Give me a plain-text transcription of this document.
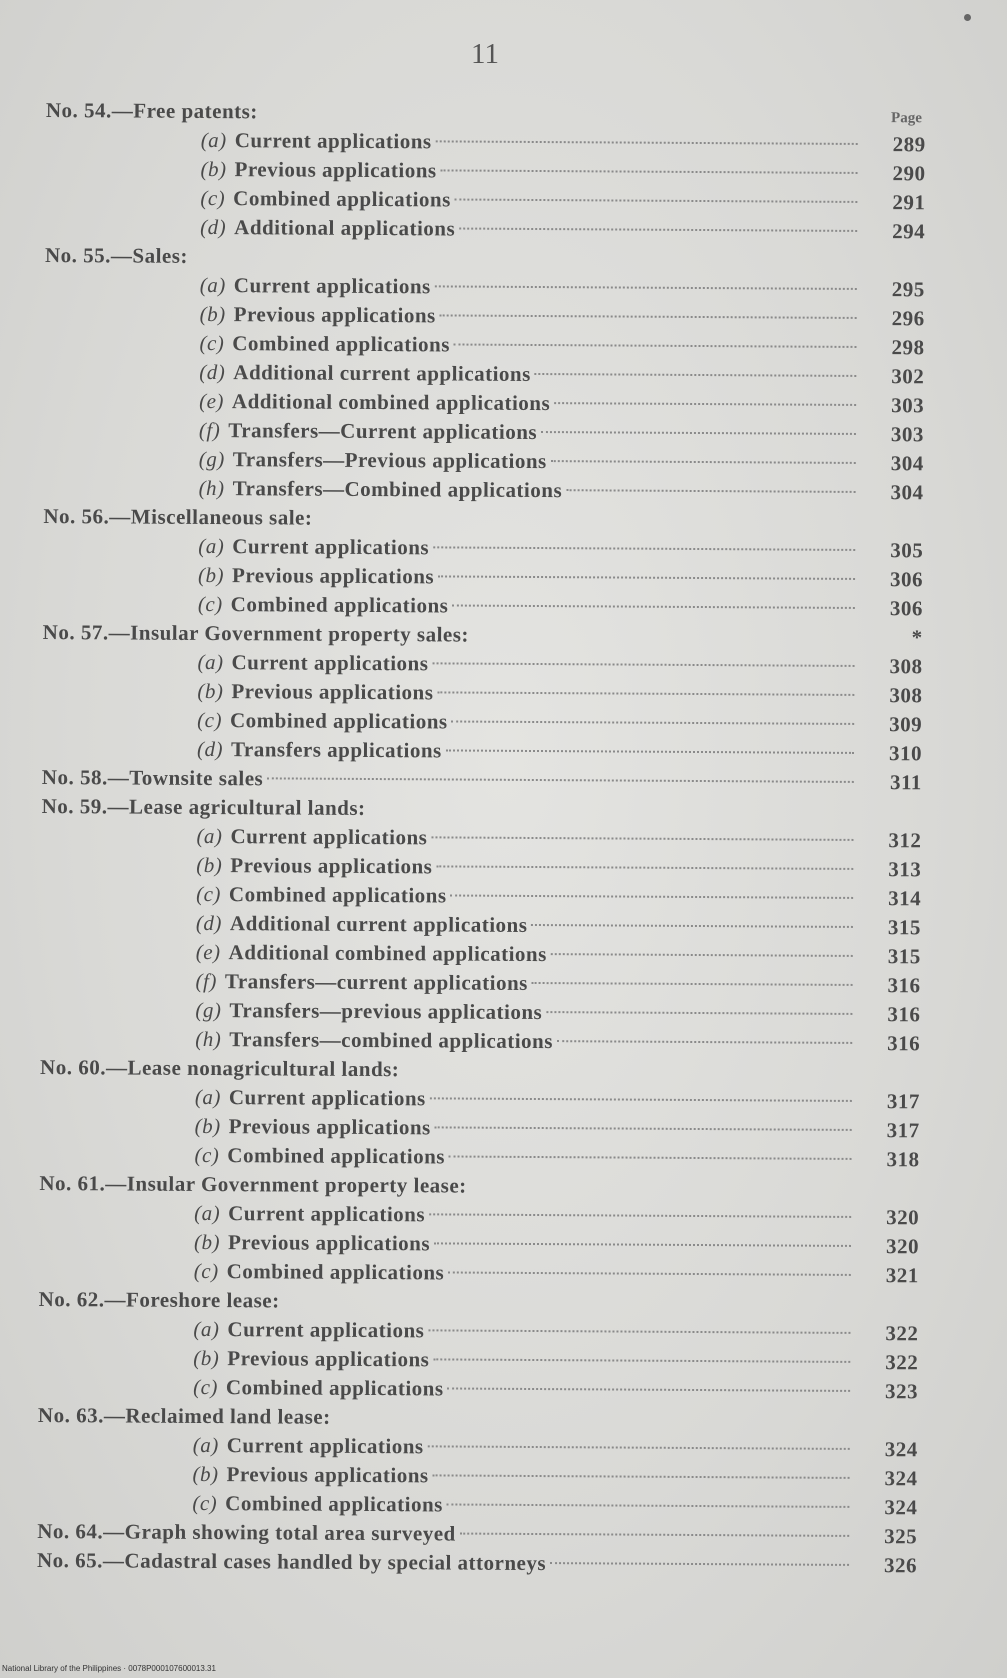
11
Page
No. 54.—Free patents:
(a) Current applications	289
(b) Previous applications	290
(c) Combined applications	291
(d) Additional applications	294
No. 55.—Sales:
(a) Current applications	295
(b) Previous applications	296
(c) Combined applications	298
(d) Additional current applications	302
(e) Additional combined applications	303
(f) Transfers—Current applications	303
(g) Transfers—Previous applications	304
(h) Transfers—Combined applications	304
No. 56.—Miscellaneous sale:
(a) Current applications	305
(b) Previous applications	306
(c) Combined applications	306
No. 57.—Insular Government property sales:	*
(a) Current applications	308
(b) Previous applications	308
(c) Combined applications	309
(d) Transfers applications	310
No. 58.—Townsite sales	311
No. 59.—Lease agricultural lands:
(a) Current applications	312
(b) Previous applications	313
(c) Combined applications	314
(d) Additional current applications	315
(e) Additional combined applications	315
(f) Transfers—current applications	316
(g) Transfers—previous applications	316
(h) Transfers—combined applications	316
No. 60.—Lease nonagricultural lands:
(a) Current applications	317
(b) Previous applications	317
(c) Combined applications	318
No. 61.—Insular Government property lease:
(a) Current applications	320
(b) Previous applications	320
(c) Combined applications	321
No. 62.—Foreshore lease:
(a) Current applications	322
(b) Previous applications	322
(c) Combined applications	323
No. 63.—Reclaimed land lease:
(a) Current applications	324
(b) Previous applications	324
(c) Combined applications	324
No. 64.—Graph showing total area surveyed	325
No. 65.—Cadastral cases handled by special attorneys	326
National Library of the Philippines · 0078P000107600013.31
